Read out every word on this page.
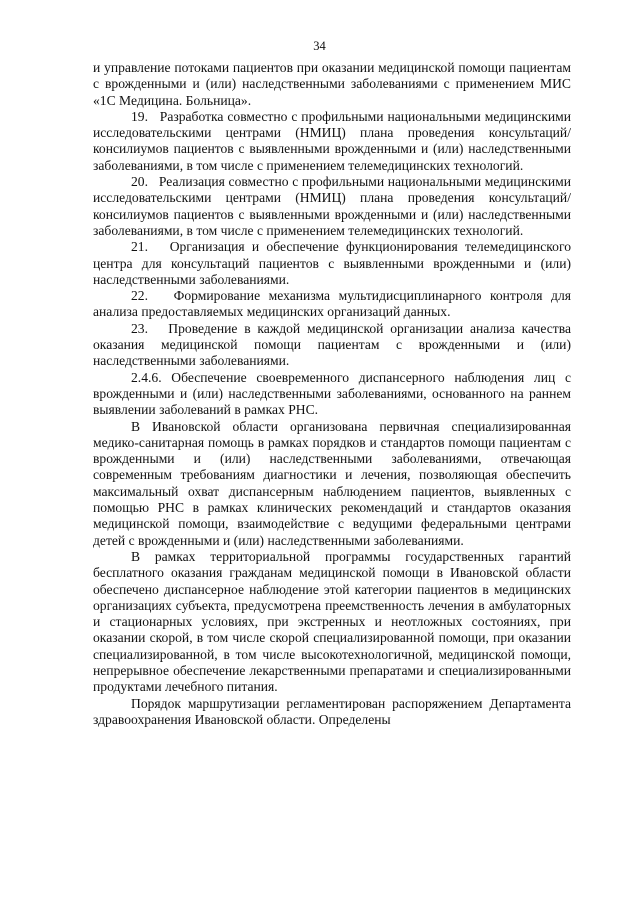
34

и управление потоками пациентов при оказании медицинской помощи пациентам с врожденными и (или) наследственными заболеваниями с применением МИС «1С Медицина. Больница».

19.   Разработка совместно с профильными национальными медицинскими исследовательскими центрами (НМИЦ) плана проведения консультаций/консилиумов пациентов с выявленными врожденными и (или) наследственными заболеваниями, в том числе с применением телемедицинских технологий.

20.   Реализация совместно с профильными национальными медицинскими исследовательскими центрами (НМИЦ) плана проведения консультаций/консилиумов пациентов с выявленными врожденными и (или) наследственными заболеваниями, в том числе с применением телемедицинских технологий.

21.   Организация и обеспечение функционирования телемедицинского центра для консультаций пациентов с выявленными врожденными и (или) наследственными заболеваниями.

22.   Формирование механизма мультидисциплинарного контроля для анализа предоставляемых медицинских организаций данных.

23.   Проведение в каждой медицинской организации анализа качества оказания медицинской помощи пациентам с врожденными и (или) наследственными заболеваниями.

2.4.6. Обеспечение своевременного диспансерного наблюдения лиц с врожденными и (или) наследственными заболеваниями, основанного на раннем выявлении заболеваний в рамках РНС.

В Ивановской области организована первичная специализированная медико-санитарная помощь в рамках порядков и стандартов помощи пациентам с врожденными и (или) наследственными заболеваниями, отвечающая современным требованиям диагностики и лечения, позволяющая обеспечить максимальный охват диспансерным наблюдением пациентов, выявленных с помощью РНС в рамках клинических рекомендаций и стандартов оказания медицинской помощи, взаимодействие с ведущими федеральными центрами детей с врожденными и (или) наследственными заболеваниями.

В рамках территориальной программы государственных гарантий бесплатного оказания гражданам медицинской помощи в Ивановской области обеспечено диспансерное наблюдение этой категории пациентов в медицинских организациях субъекта, предусмотрена преемственность лечения в амбулаторных и стационарных условиях, при экстренных и неотложных состояниях, при оказании скорой, в том числе скорой специализированной помощи, при оказании специализированной, в том числе высокотехнологичной, медицинской помощи, непрерывное обеспечение лекарственными препаратами и специализированными продуктами лечебного питания.

Порядок маршрутизации регламентирован распоряжением Департамента здравоохранения Ивановской области. Определены
